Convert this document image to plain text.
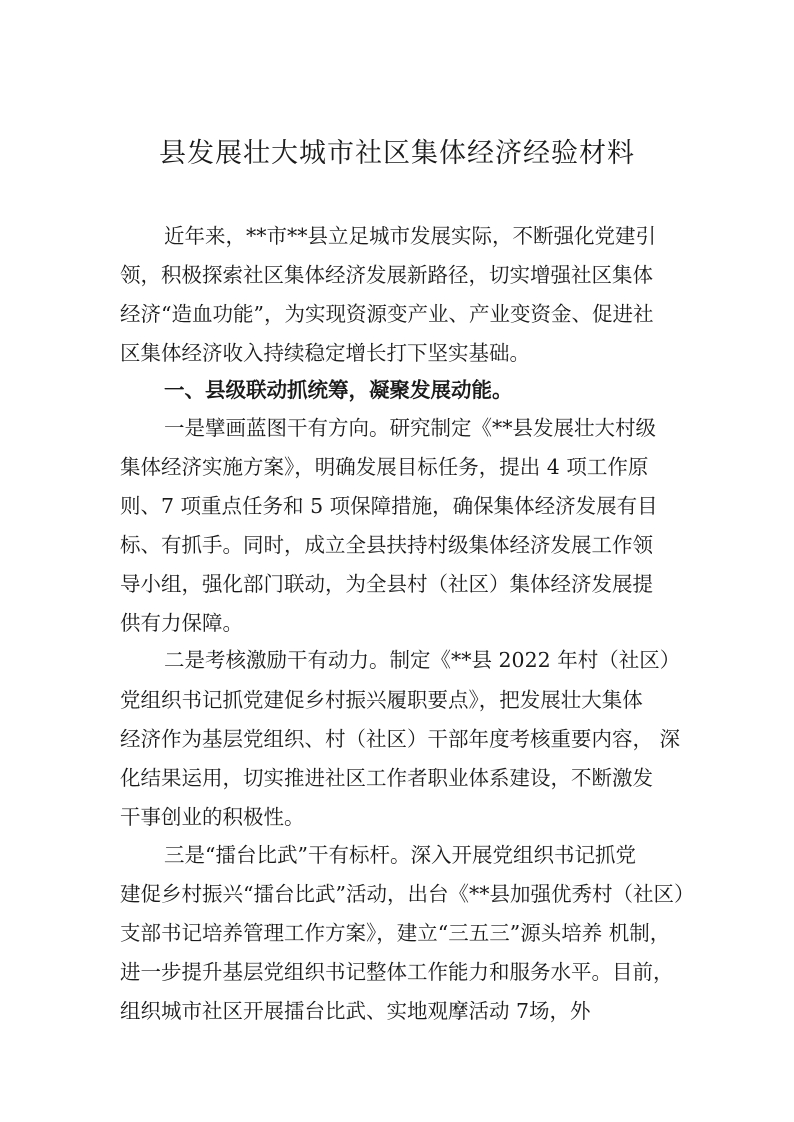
县发展壮大城市社区集体经济经验材料

近年来，**市**县立足城市发展实际，不断强化党建引

领，积极探索社区集体经济发展新路径，切实增强社区集体

经济“造血功能”，为实现资源变产业、产业变资金、促进社

区集体经济收入持续稳定增长打下坚实基础。

一、县级联动抓统筹，凝聚发展动能。

一是擘画蓝图干有方向。研究制定《**县发展壮大村级

集体经济实施方案》，明确发展目标任务，提出 4 项工作原

则、7 项重点任务和 5 项保障措施，确保集体经济发展有目

标、有抓手。同时，成立全县扶持村级集体经济发展工作领

导小组，强化部门联动，为全县村（社区）集体经济发展提

供有力保障。

二是考核激励干有动力。制定《**县 2022 年村（社区）

党组织书记抓党建促乡村振兴履职要点》，把发展壮大集体

经济作为基层党组织、村（社区）干部年度考核重要内容， 深

化结果运用，切实推进社区工作者职业体系建设，不断激发

干事创业的积极性。

三是“擂台比武”干有标杆。深入开展党组织书记抓党

建促乡村振兴“擂台比武”活动，出台《**县加强优秀村（社区）

支部书记培养管理工作方案》，建立“三五三”源头培养 机制，

进一步提升基层党组织书记整体工作能力和服务水平。目前，

组织城市社区开展擂台比武、实地观摩活动 7场，外
